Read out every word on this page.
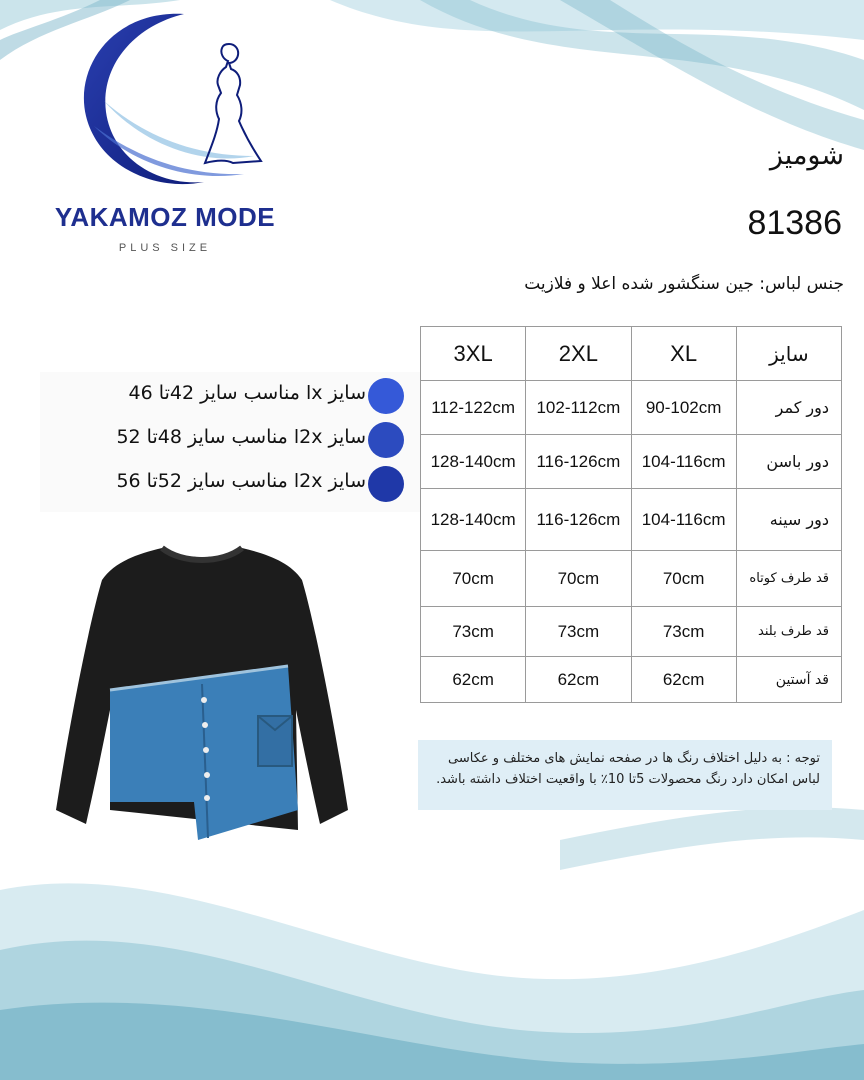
YAKAMOZ MODE
PLUS SIZE
شومیز
81386
جنس لباس: جین سنگشور شده اعلا و فلازیت
سایز lx مناسب سایز 42تا 46
سایز l2x مناسب سایز 48تا 52
سایز l2x مناسب سایز 52تا 56
سایز	XL	2XL	3XL
دور کمر	90-102cm	102-112cm	112-122cm
دور باسن	104-116cm	116-126cm	128-140cm
دور سینه	104-116cm	116-126cm	128-140cm
قد طرف کوتاه	70cm	70cm	70cm
قد طرف بلند	73cm	73cm	73cm
قد آستین	62cm	62cm	62cm
توجه : به دلیل اختلاف رنگ ها در صفحه نمایش های مختلف و عکاسی لباس امکان دارد رنگ محصولات 5تا 10٪ با واقعیت اختلاف داشته باشد.
